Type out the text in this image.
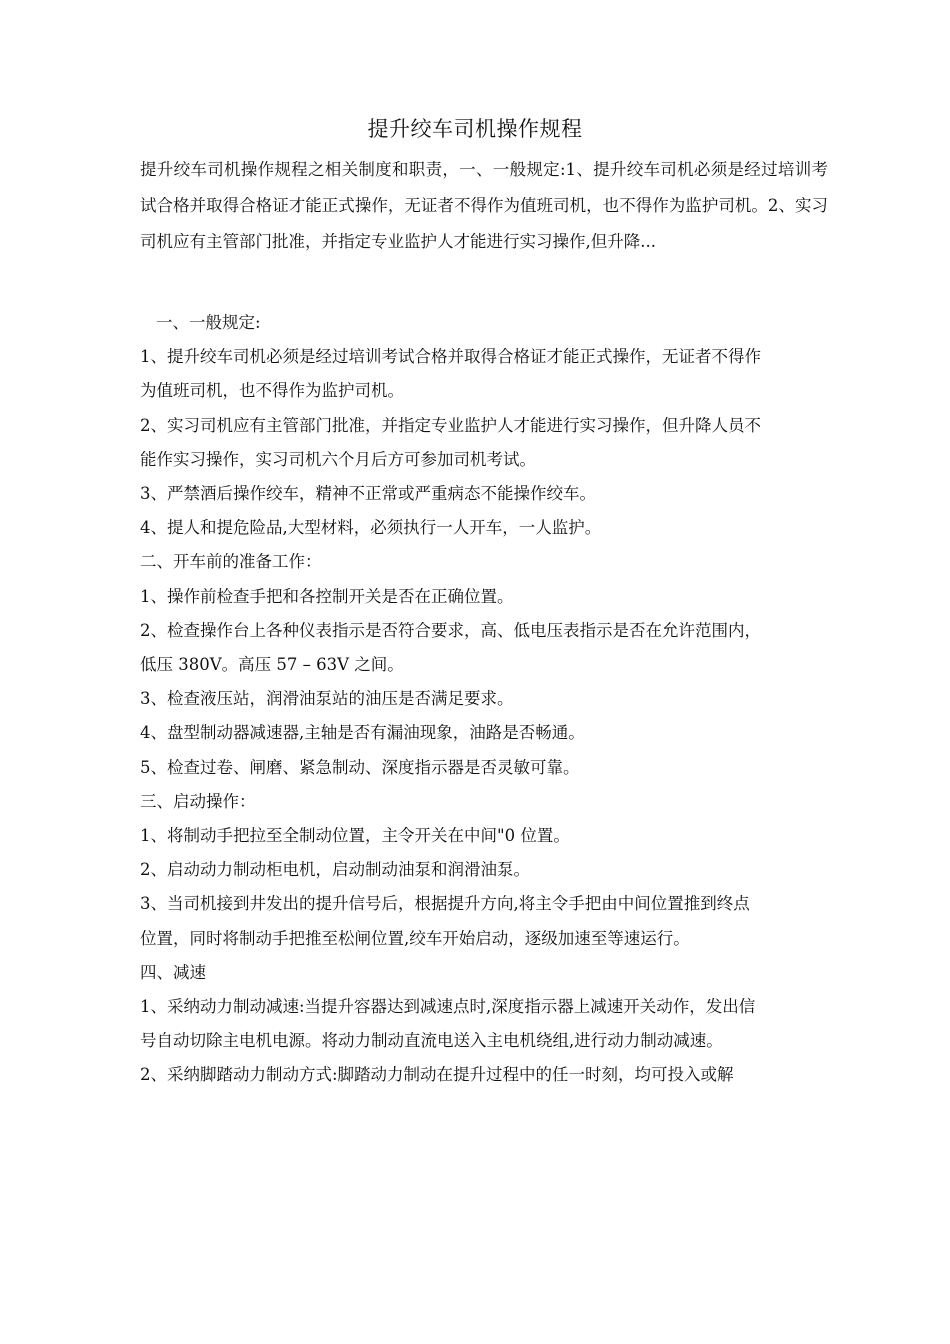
提升绞车司机操作规程

提升绞车司机操作规程之相关制度和职责，一、一般规定:1、提升绞车司机必须是经过培训考试合格并取得合格证才能正式操作，无证者不得作为值班司机，也不得作为监护司机。2、实习司机应有主管部门批准，并指定专业监护人才能进行实习操作,但升降...

一、一般规定:

1、提升绞车司机必须是经过培训考试合格并取得合格证才能正式操作，无证者不得作

为值班司机，也不得作为监护司机。

2、实习司机应有主管部门批准，并指定专业监护人才能进行实习操作，但升降人员不

能作实习操作，实习司机六个月后方可参加司机考试。

3、严禁酒后操作绞车，精神不正常或严重病态不能操作绞车。

4、提人和提危险品,大型材料，必须执行一人开车，一人监护。

二、开车前的准备工作：

1、操作前检查手把和各控制开关是否在正确位置。

2、检查操作台上各种仪表指示是否符合要求，高、低电压表指示是否在允许范围内，

低压 380V。高压 57 – 63V 之间。

3、检查液压站，润滑油泵站的油压是否满足要求。

4、盘型制动器减速器,主轴是否有漏油现象，油路是否畅通。

5、检查过卷、闸磨、紧急制动、深度指示器是否灵敏可靠。

三、启动操作：

1、将制动手把拉至全制动位置，主令开关在中间"0 位置。

2、启动动力制动柜电机，启动制动油泵和润滑油泵。

3、当司机接到井发出的提升信号后，根据提升方向,将主令手把由中间位置推到终点

位置，同时将制动手把推至松闸位置,绞车开始启动，逐级加速至等速运行。

四、减速

1、采纳动力制动减速:当提升容器达到减速点时,深度指示器上减速开关动作，发出信

号自动切除主电机电源。将动力制动直流电送入主电机绕组,进行动力制动减速。

2、采纳脚踏动力制动方式:脚踏动力制动在提升过程中的任一时刻，均可投入或解
